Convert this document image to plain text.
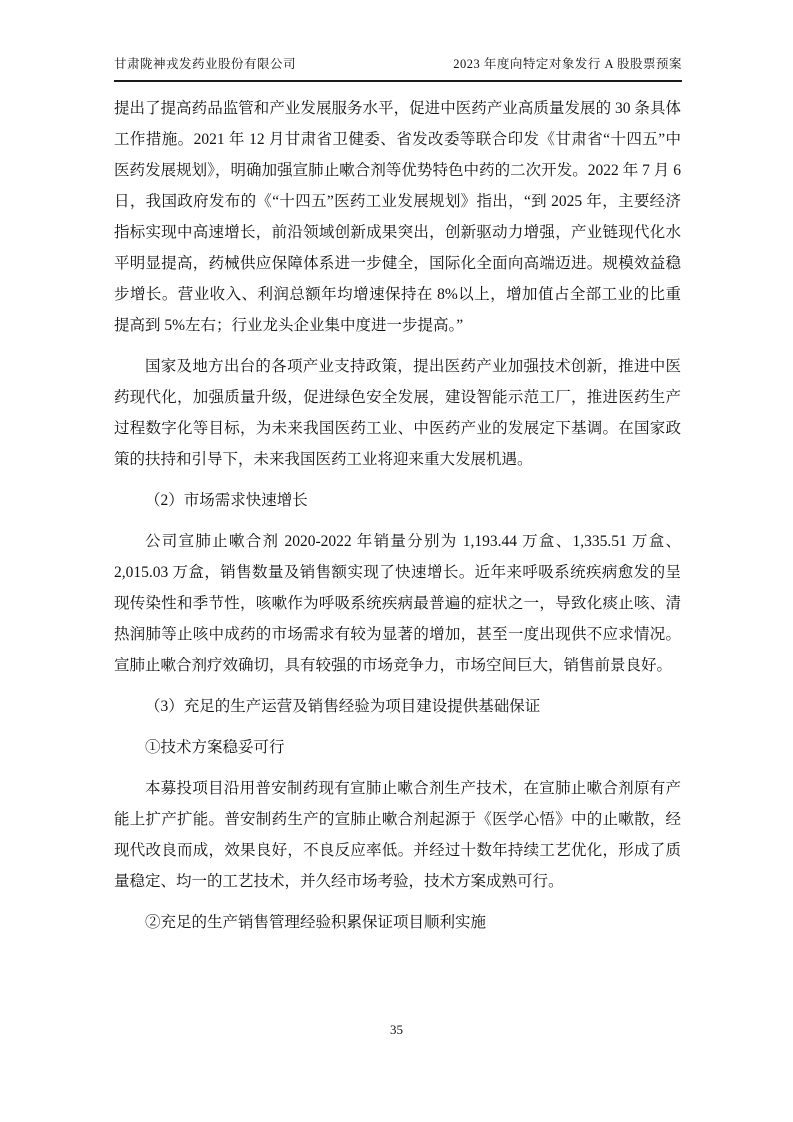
甘肃陇神戎发药业股份有限公司	2023 年度向特定对象发行 A 股股票预案

提出了提高药品监管和产业发展服务水平，促进中医药产业高质量发展的 30 条具体工作措施。2021 年 12 月甘肃省卫健委、省发改委等联合印发《甘肃省“十四五”中医药发展规划》，明确加强宣肺止嗽合剂等优势特色中药的二次开发。2022 年 7 月 6 日，我国政府发布的《“十四五”医药工业发展规划》指出，“到 2025 年，主要经济指标实现中高速增长，前沿领域创新成果突出，创新驱动力增强，产业链现代化水平明显提高，药械供应保障体系进一步健全，国际化全面向高端迈进。规模效益稳步增长。营业收入、利润总额年均增速保持在 8%以上，增加值占全部工业的比重提高到 5%左右；行业龙头企业集中度进一步提高。”

国家及地方出台的各项产业支持政策，提出医药产业加强技术创新，推进中医药现代化，加强质量升级，促进绿色安全发展，建设智能示范工厂，推进医药生产过程数字化等目标，为未来我国医药工业、中医药产业的发展定下基调。在国家政策的扶持和引导下，未来我国医药工业将迎来重大发展机遇。

（2）市场需求快速增长

公司宣肺止嗽合剂 2020-2022 年销量分别为 1,193.44 万盒、1,335.51 万盒、2,015.03 万盒，销售数量及销售额实现了快速增长。近年来呼吸系统疾病愈发的呈现传染性和季节性，咳嗽作为呼吸系统疾病最普遍的症状之一，导致化痰止咳、清热润肺等止咳中成药的市场需求有较为显著的增加，甚至一度出现供不应求情况。宣肺止嗽合剂疗效确切，具有较强的市场竞争力，市场空间巨大，销售前景良好。

（3）充足的生产运营及销售经验为项目建设提供基础保证

①技术方案稳妥可行

本募投项目沿用普安制药现有宣肺止嗽合剂生产技术，在宣肺止嗽合剂原有产能上扩产扩能。普安制药生产的宣肺止嗽合剂起源于《医学心悟》中的止嗽散，经现代改良而成，效果良好，不良反应率低。并经过十数年持续工艺优化，形成了质量稳定、均一的工艺技术，并久经市场考验，技术方案成熟可行。

②充足的生产销售管理经验积累保证项目顺利实施

35
